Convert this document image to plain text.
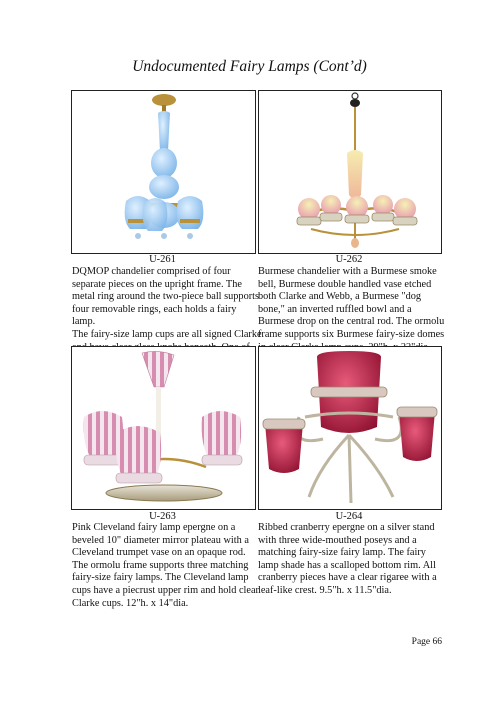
Undocumented Fairy Lamps (Cont’d)
U-261	U-262
DQMOP chandelier comprised of four
separate pieces on the upright frame. The
metal ring around the two-piece ball supports
four removable rings, each holds a fairy lamp.
The fairy-size lamp cups are all signed Clarke

Burmese chandelier with a Burmese smoke
bell, Burmese double handled vase etched
both Clarke and Webb, a Burmese "dog
bone," an inverted ruffled bowl and a
Burmese drop on the central rod. The ormolu
frame supports six Burmese fairy-size domes

U-263	U-264
Pink Cleveland fairy lamp epergne on a
beveled 10" diameter mirror plateau with a
Cleveland trumpet vase on an opaque rod.
The ormolu frame supports three matching
fairy-size fairy lamps. The Cleveland lamp
cups have a piecrust upper rim and hold clear
Clarke cups. 12"h. x 14"dia.
Ribbed cranberry epergne on a silver stand
with three wide-mouthed poseys and a
matching fairy-size fairy lamp. The fairy
lamp shade has a scalloped bottom rim. All
cranberry pieces have a clear rigaree with a
leaf-like crest. 9.5"h. x 11.5"dia.
Page 66
